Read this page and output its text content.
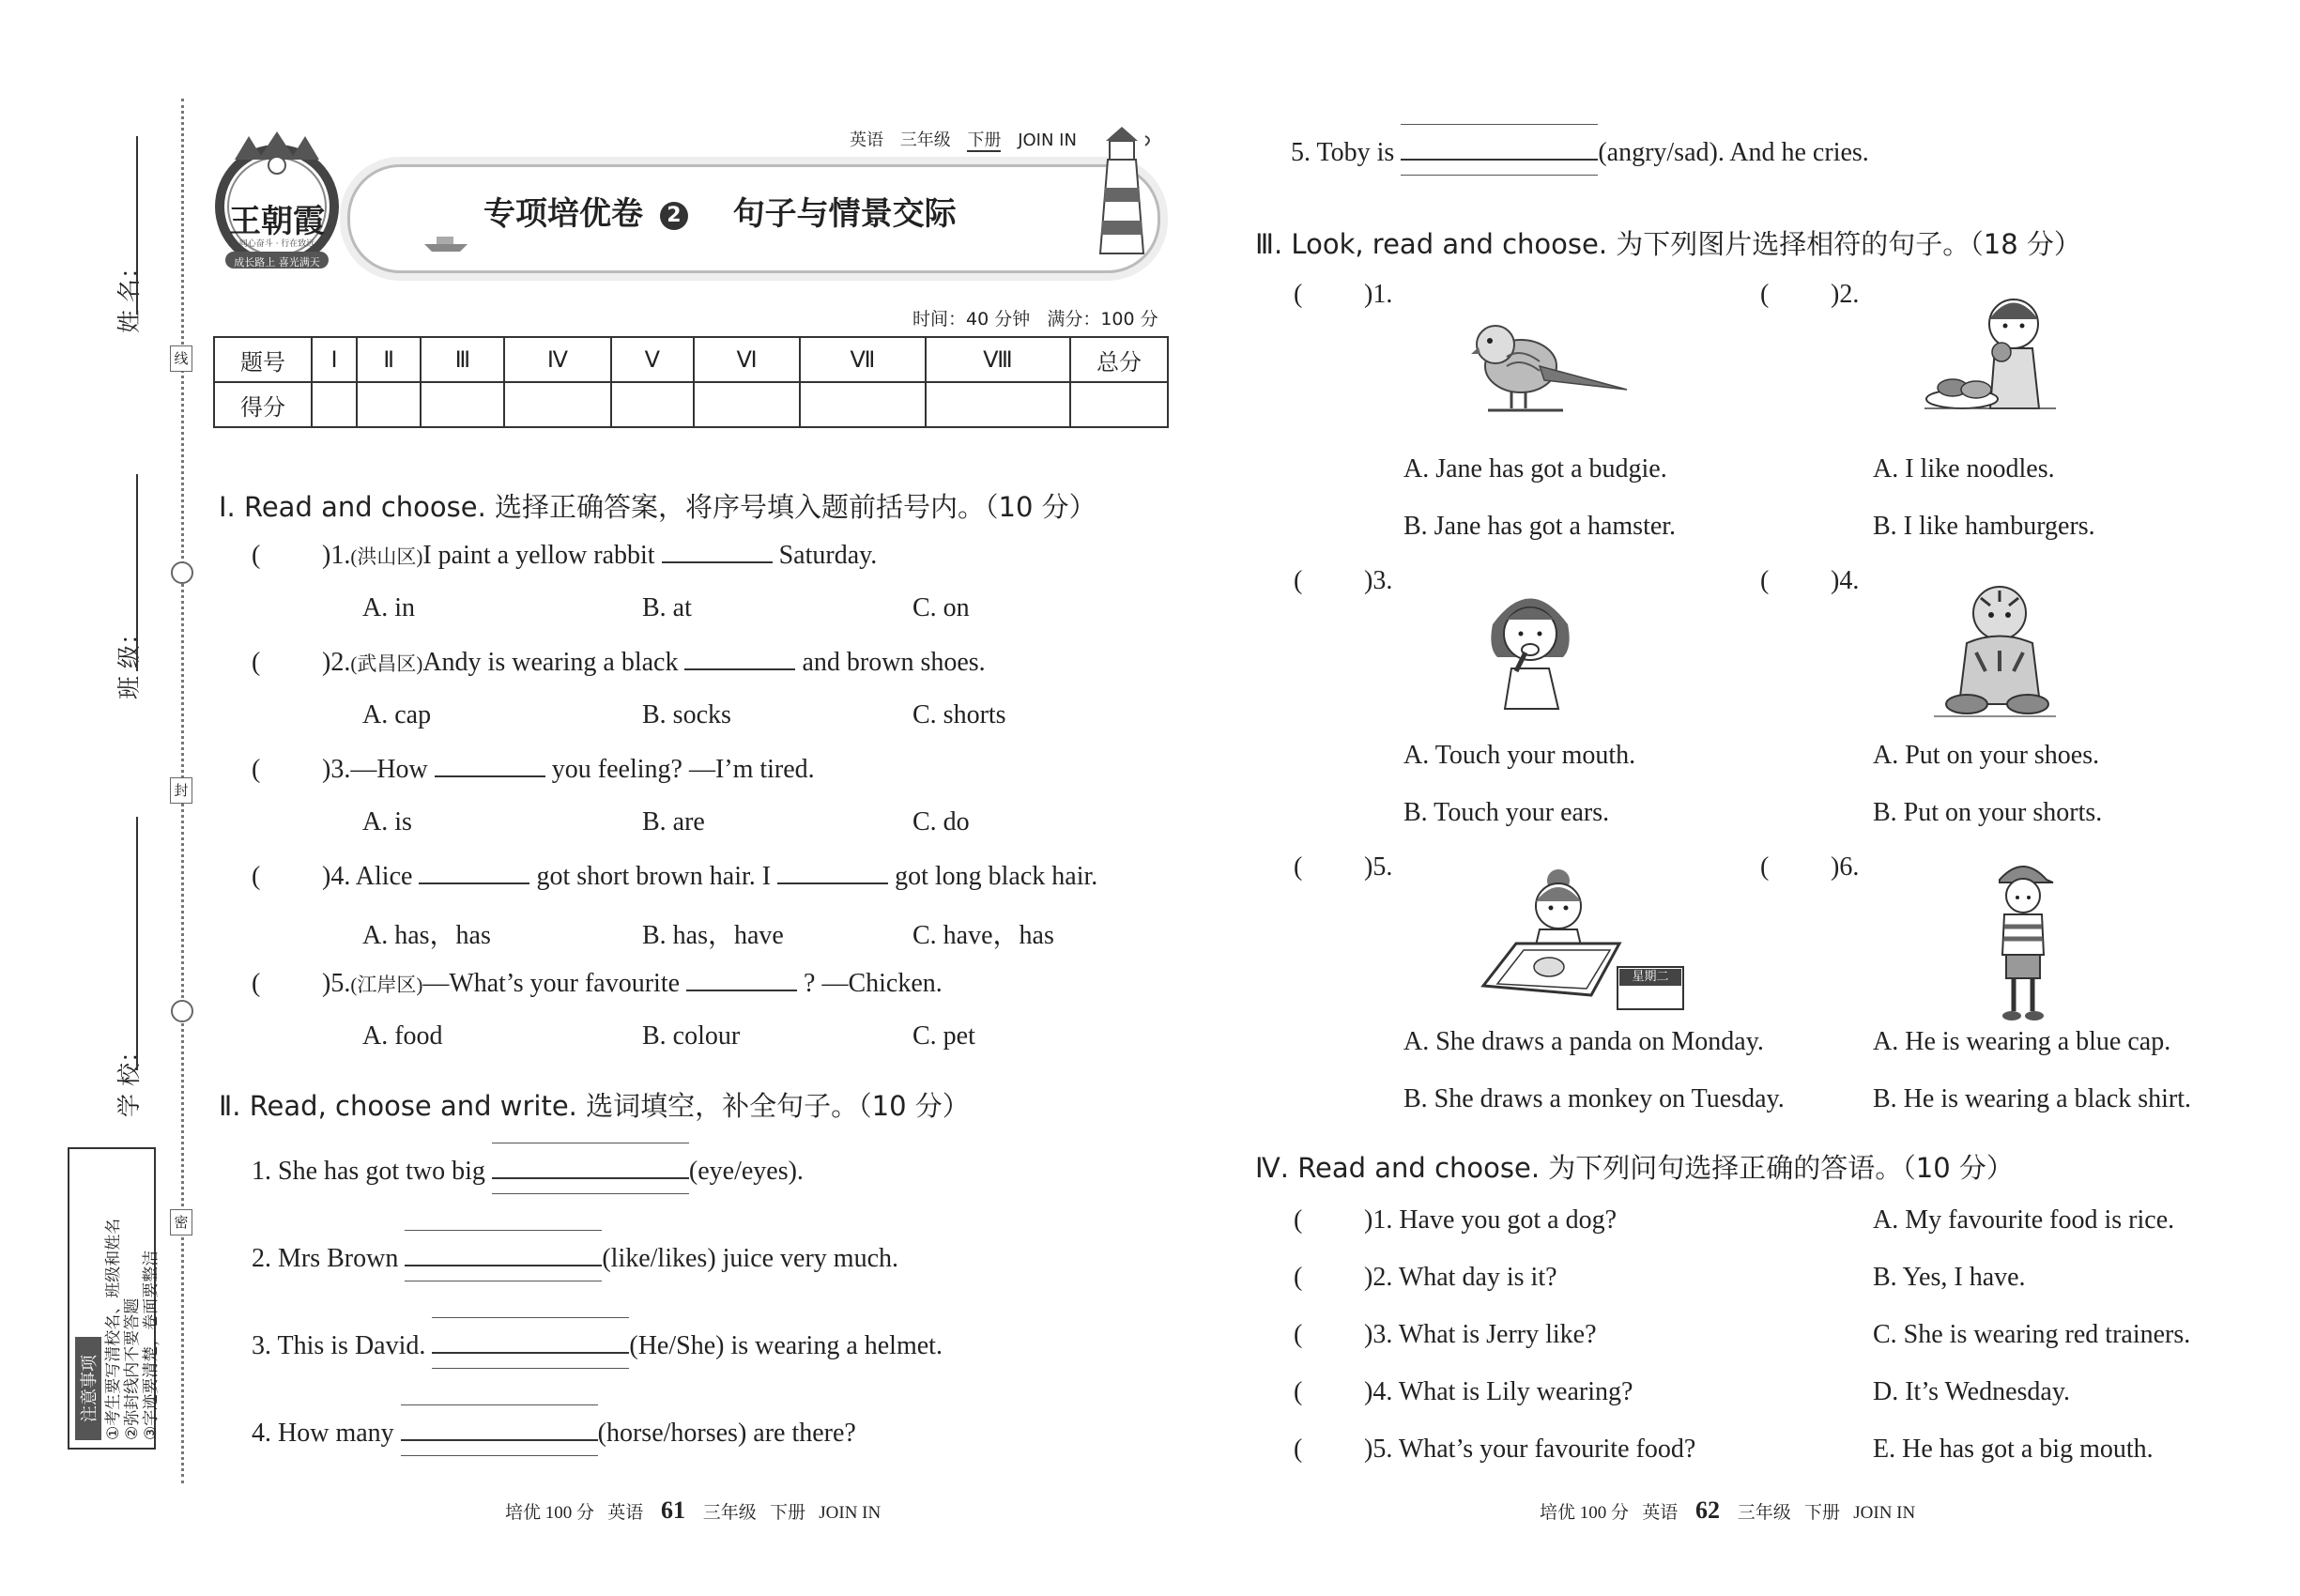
姓 名：
班 级：
学 校：
线
封
密
注意事项 ①考生要写清校名、班级和姓名 ②弥封线内不要答题 ③字迹要清楚，卷面要整洁
王朝霞
同心奋斗 · 行在致远
成长路上 喜光满天
专项培优卷 2 句子与情景交际
英语 三年级 下册 JOIN IN
时间：40 分钟   满分：100 分
题号	Ⅰ	Ⅱ	Ⅲ	Ⅳ	Ⅴ	Ⅵ	Ⅶ	Ⅷ	总分
得分									
Ⅰ. Read and choose. 选择正确答案，将序号填入题前括号内。（10 分）
( )1.(洪山区)I paint a yellow rabbit	Saturday.
A. in	B. at	C. on
( )2.(武昌区)Andy is wearing a black	and brown shoes.
A. cap	B. socks	C. shorts
( )3.—How	you feeling? —I’m tired.
A. is	B. are	C. do
( )4. Alice	got short brown hair. I	got long black hair.
A. has，has	B. has，have	C. have，has
( )5.(江岸区)—What’s your favourite	? —Chicken.
A. food	B. colour	C. pet
Ⅱ. Read, choose and write. 选词填空，补全句子。（10 分）
1. She has got two big	(eye/eyes).
2. Mrs Brown	(like/likes) juice very much.
3. This is David.	(He/She) is wearing a helmet.
4. How many	(horse/horses) are there?
培优 100 分   英语 61 三年级   下册   JOIN IN
5. Toby is	(angry/sad). And he cries.
Ⅲ. Look, read and choose. 为下列图片选择相符的句子。（18 分）
( )1.
A. Jane has got a budgie.
B. Jane has got a hamster.
( )2.
A. I like noodles.
B. I like hamburgers.
( )3.
A. Touch your mouth.
B. Touch your ears.
( )4.
A. Put on your shoes.
B. Put on your shorts.
( )5.
星期二
A. She draws a panda on Monday.
B. She draws a monkey on Tuesday.
( )6.
A. He is wearing a blue cap.
B. He is wearing a black shirt.
Ⅳ. Read and choose. 为下列问句选择正确的答语。（10 分）
( )1. Have you got a dog?
( )2. What day is it?
( )3. What is Jerry like?
( )4. What is Lily wearing?
( )5. What’s your favourite food?
A. My favourite food is rice.
B. Yes, I have.
C. She is wearing red trainers.
D. It’s Wednesday.
E. He has got a big mouth.
培优 100 分   英语 62 三年级   下册   JOIN IN
